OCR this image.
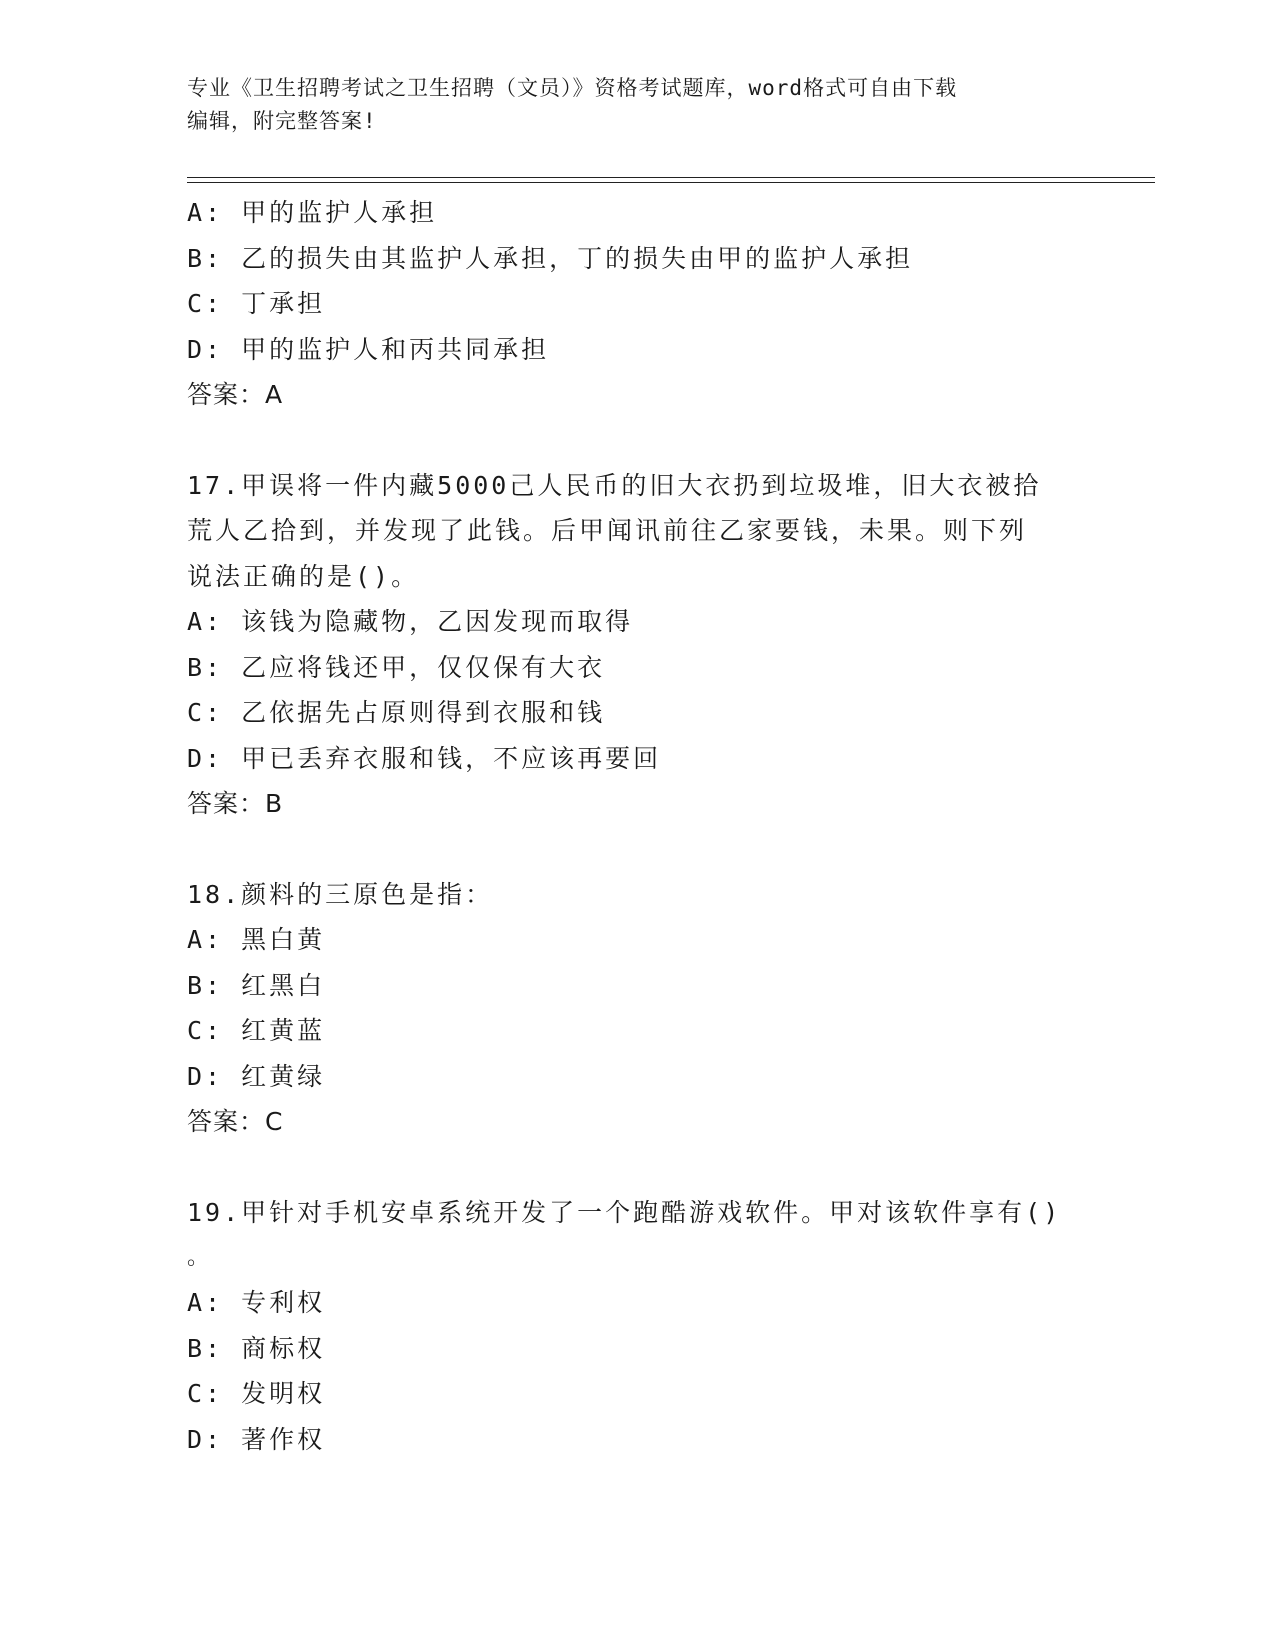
专业《卫生招聘考试之卫生招聘（文员）》资格考试题库，word格式可自由下载
编辑，附完整答案!
A: 甲的监护人承担
B: 乙的损失由其监护人承担，丁的损失由甲的监护人承担
C: 丁承担
D: 甲的监护人和丙共同承担
答案：A
17.甲误将一件内藏5000己人民币的旧大衣扔到垃圾堆，旧大衣被拾
荒人乙拾到，并发现了此钱。后甲闻讯前往乙家要钱，未果。则下列
说法正确的是()。
A: 该钱为隐藏物，乙因发现而取得
B: 乙应将钱还甲，仅仅保有大衣
C: 乙依据先占原则得到衣服和钱
D: 甲已丢弃衣服和钱，不应该再要回
答案：B
18.颜料的三原色是指：
A: 黑白黄
B: 红黑白
C: 红黄蓝
D: 红黄绿
答案：C
19.甲针对手机安卓系统开发了一个跑酷游戏软件。甲对该软件享有()
。
A: 专利权
B: 商标权
C: 发明权
D: 著作权
